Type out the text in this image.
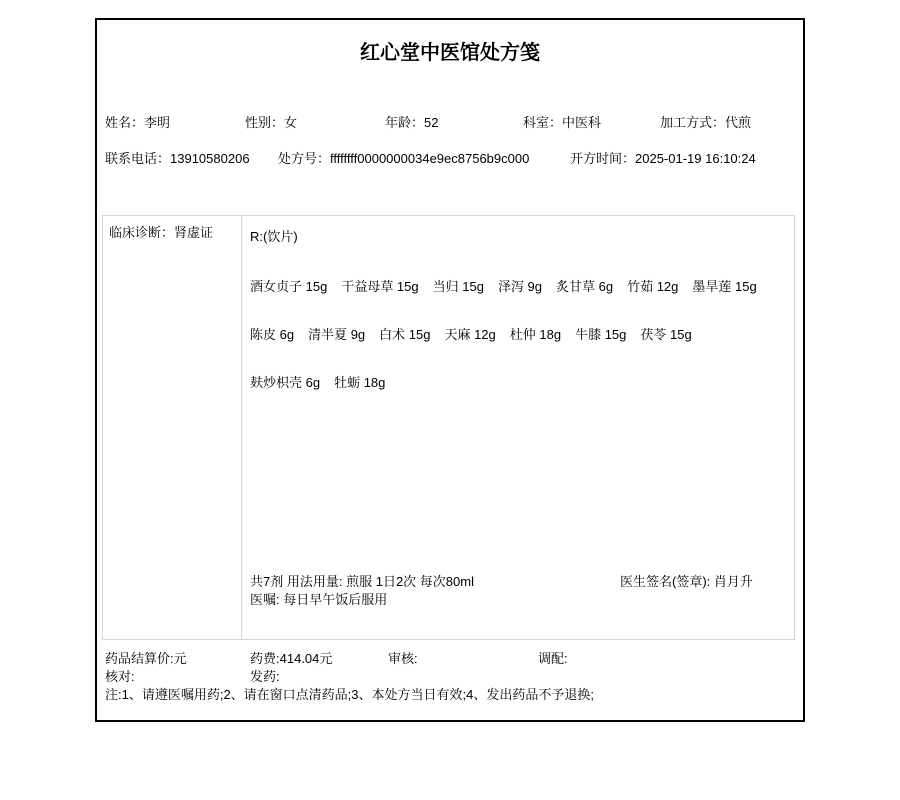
红心堂中医馆处方笺
姓名：李明	性别：女	年龄：52	科室：中医科	加工方式：代煎
联系电话：13910580206 处方号：ffffffff0000000034e9ec8756b9c000	开方时间：2025-01-19 16:10:24
临床诊断：肾虚证	R:(饮片)
酒女贞子 15g 干益母草 15g 当归 15g 泽泻 9g 炙甘草 6g 竹茹 12g 墨旱莲 15g
陈皮 6g 清半夏 9g 白术 15g 天麻 12g 杜仲 18g 牛膝 15g 茯苓 15g
麸炒枳壳 6g 牡蛎 18g
共7剂 用法用量: 煎服 1日2次 每次80ml
医嘱: 每日早午饭后服用
医生签名(签章): 肖月升
药品结算价:元	药费:414.04元	审核:	调配:
核对:	发药:
注:1、请遵医嘱用药;2、请在窗口点清药品;3、本处方当日有效;4、发出药品不予退换;
